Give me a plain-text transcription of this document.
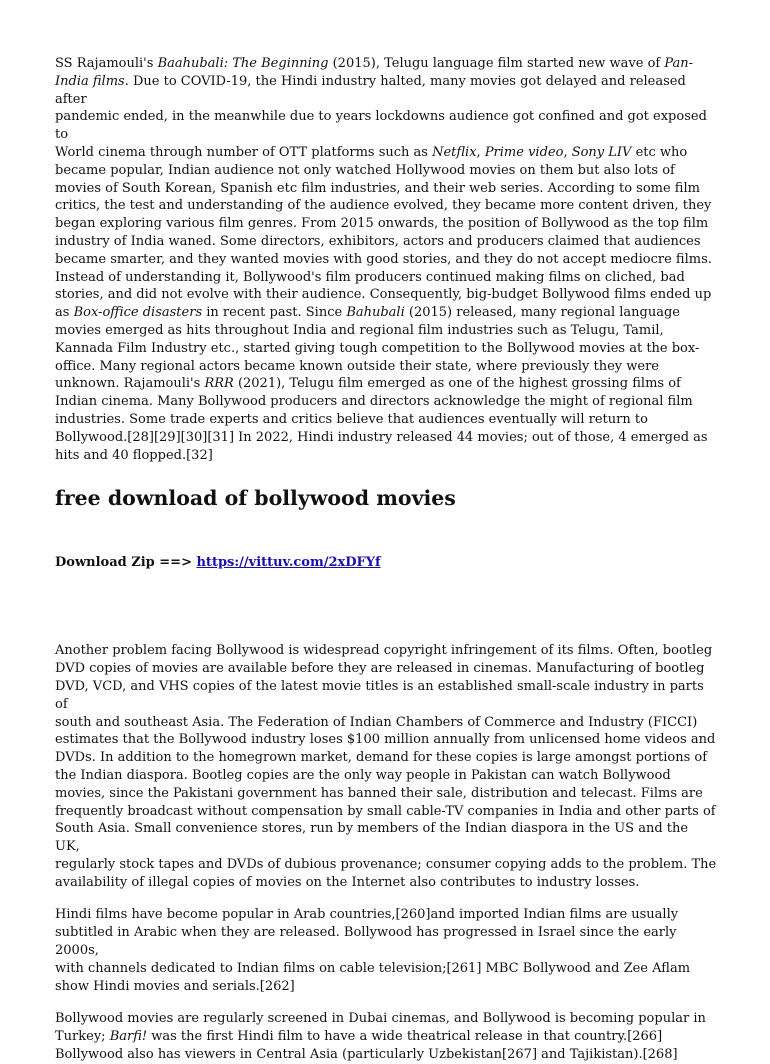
SS Rajamouli's Baahubali: The Beginning (2015), Telugu language film started new wave of Pan-
India films. Due to COVID-19, the Hindi industry halted, many movies got delayed and released after
pandemic ended, in the meanwhile due to years lockdowns audience got confined and got exposed to
World cinema through number of OTT platforms such as Netflix, Prime video, Sony LIV etc who
became popular, Indian audience not only watched Hollywood movies on them but also lots of
movies of South Korean, Spanish etc film industries, and their web series. According to some film
critics, the test and understanding of the audience evolved, they became more content driven, they
began exploring various film genres. From 2015 onwards, the position of Bollywood as the top film
industry of India waned. Some directors, exhibitors, actors and producers claimed that audiences
became smarter, and they wanted movies with good stories, and they do not accept mediocre films.
Instead of understanding it, Bollywood's film producers continued making films on cliched, bad
stories, and did not evolve with their audience. Consequently, big-budget Bollywood films ended up
as Box-office disasters in recent past. Since Bahubali (2015) released, many regional language
movies emerged as hits throughout India and regional film industries such as Telugu, Tamil,
Kannada Film Industry etc., started giving tough competition to the Bollywood movies at the box-
office. Many regional actors became known outside their state, where previously they were
unknown. Rajamouli's RRR (2021), Telugu film emerged as one of the highest grossing films of
Indian cinema. Many Bollywood producers and directors acknowledge the might of regional film
industries. Some trade experts and critics believe that audiences eventually will return to
Bollywood.[28][29][30][31] In 2022, Hindi industry released 44 movies; out of those, 4 emerged as
hits and 40 flopped.[32]

free download of bollywood movies
Download Zip ==> https://vittuv.com/2xDFYf

Another problem facing Bollywood is widespread copyright infringement of its films. Often, bootleg
DVD copies of movies are available before they are released in cinemas. Manufacturing of bootleg
DVD, VCD, and VHS copies of the latest movie titles is an established small-scale industry in parts of
south and southeast Asia. The Federation of Indian Chambers of Commerce and Industry (FICCI)
estimates that the Bollywood industry loses $100 million annually from unlicensed home videos and
DVDs. In addition to the homegrown market, demand for these copies is large amongst portions of
the Indian diaspora. Bootleg copies are the only way people in Pakistan can watch Bollywood
movies, since the Pakistani government has banned their sale, distribution and telecast. Films are
frequently broadcast without compensation by small cable-TV companies in India and other parts of
South Asia. Small convenience stores, run by members of the Indian diaspora in the US and the UK,
regularly stock tapes and DVDs of dubious provenance; consumer copying adds to the problem. The
availability of illegal copies of movies on the Internet also contributes to industry losses.

Hindi films have become popular in Arab countries,[260]and imported Indian films are usually
subtitled in Arabic when they are released. Bollywood has progressed in Israel since the early 2000s,
with channels dedicated to Indian films on cable television;[261] MBC Bollywood and Zee Aflam
show Hindi movies and serials.[262]

Bollywood movies are regularly screened in Dubai cinemas, and Bollywood is becoming popular in
Turkey; Barfi! was the first Hindi film to have a wide theatrical release in that country.[266]
Bollywood also has viewers in Central Asia (particularly Uzbekistan[267] and Tajikistan).[268]
